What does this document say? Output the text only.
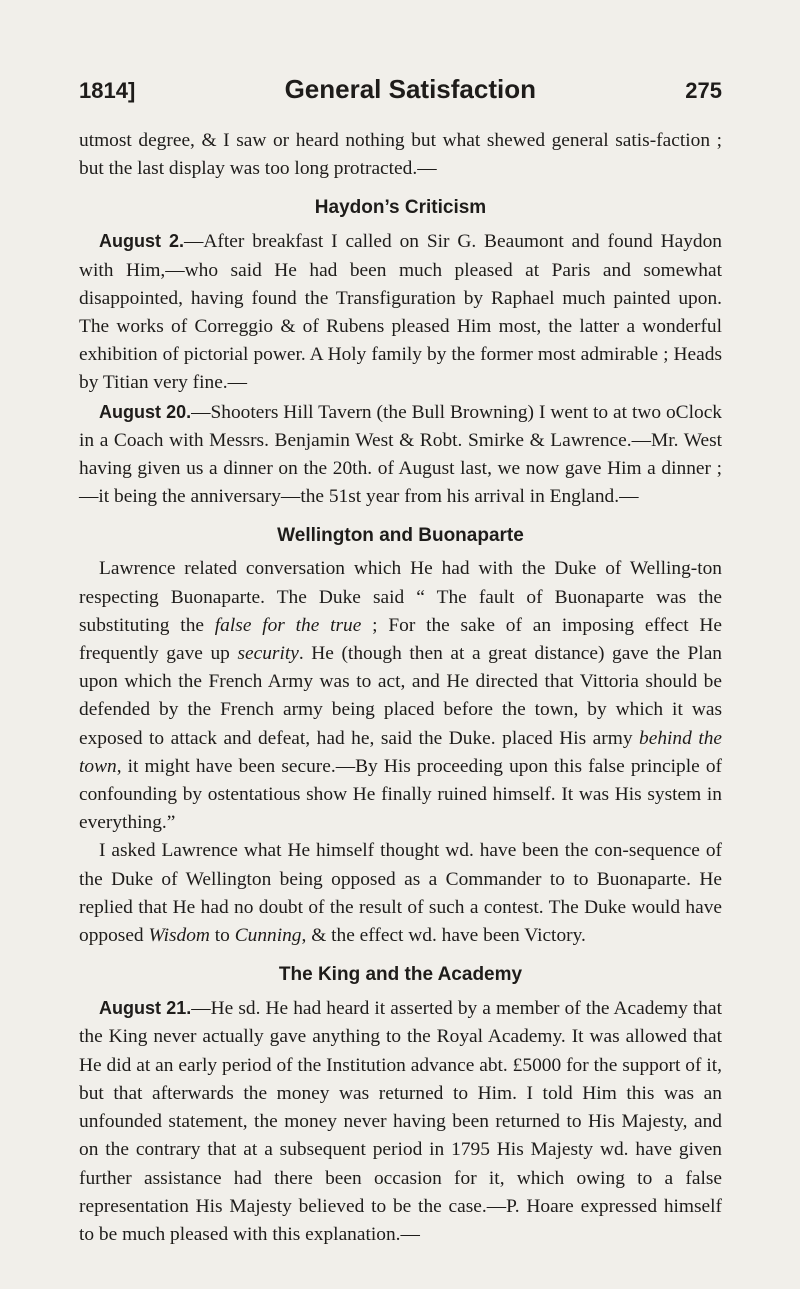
1814]	General Satisfaction	275

utmost degree, & I saw or heard nothing but what shewed general satis-faction ; but the last display was too long protracted.—

Haydon’s Criticism

August 2.—After breakfast I called on Sir G. Beaumont and found Haydon with Him,—who said He had been much pleased at Paris and somewhat disappointed, having found the Transfiguration by Raphael much painted upon. The works of Correggio & of Rubens pleased Him most, the latter a wonderful exhibition of pictorial power. A Holy family by the former most admirable ; Heads by Titian very fine.—

August 20.—Shooters Hill Tavern (the Bull Browning) I went to at two oClock in a Coach with Messrs. Benjamin West & Robt. Smirke & Lawrence.—Mr. West having given us a dinner on the 20th. of August last, we now gave Him a dinner ;—it being the anniversary—the 51st year from his arrival in England.—

Wellington and Buonaparte

Lawrence related conversation which He had with the Duke of Welling-ton respecting Buonaparte. The Duke said “ The fault of Buonaparte was the substituting the false for the true ; For the sake of an imposing effect He frequently gave up security. He (though then at a great distance) gave the Plan upon which the French Army was to act, and He directed that Vittoria should be defended by the French army being placed before the town, by which it was exposed to attack and defeat, had he, said the Duke. placed His army behind the town, it might have been secure.—By His proceeding upon this false principle of confounding by ostentatious show He finally ruined himself. It was His system in everything.”

I asked Lawrence what He himself thought wd. have been the con-sequence of the Duke of Wellington being opposed as a Commander to to Buonaparte. He replied that He had no doubt of the result of such a contest. The Duke would have opposed Wisdom to Cunning, & the effect wd. have been Victory.

The King and the Academy

August 21.—He sd. He had heard it asserted by a member of the Academy that the King never actually gave anything to the Royal Academy. It was allowed that He did at an early period of the Institution advance abt. £5000 for the support of it, but that afterwards the money was returned to Him. I told Him this was an unfounded statement, the money never having been returned to His Majesty, and on the contrary that at a subsequent period in 1795 His Majesty wd. have given further assistance had there been occasion for it, which owing to a false representation His Majesty believed to be the case.—P. Hoare expressed himself to be much pleased with this explanation.—
